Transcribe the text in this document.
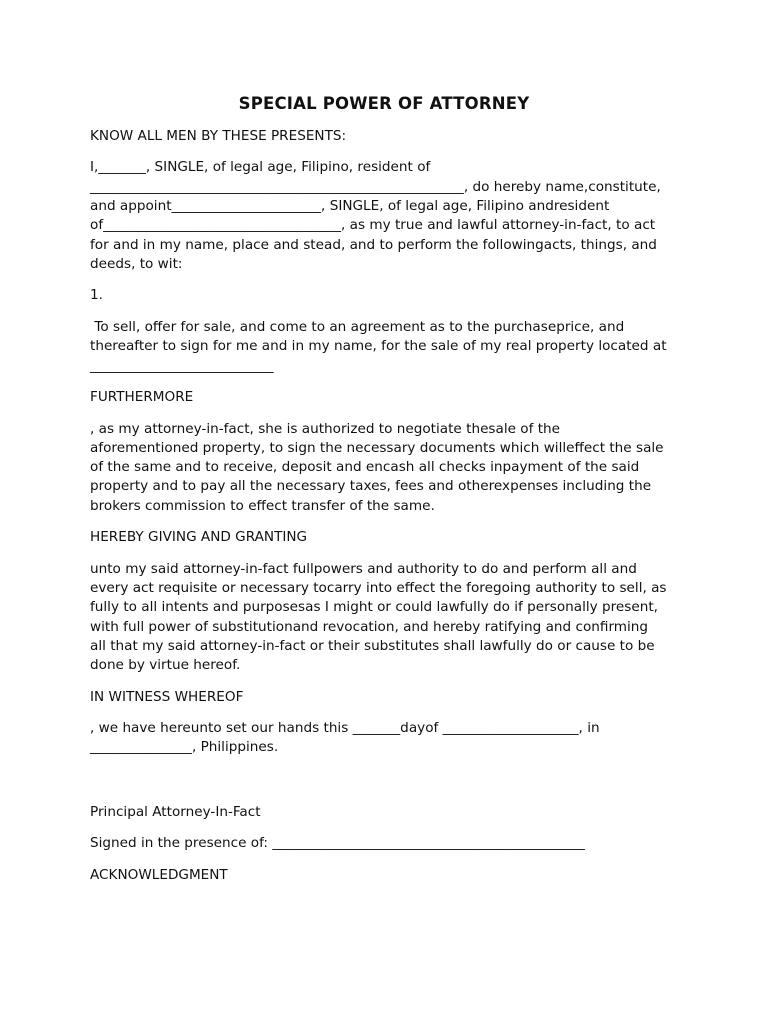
SPECIAL POWER OF ATTORNEY

KNOW ALL MEN BY THESE PRESENTS:

I,_______, SINGLE, of legal age, Filipino, resident of
_______________________________________________________, do hereby name,constitute,
and appoint______________________, SINGLE, of legal age, Filipino andresident
of___________________________________, as my true and lawful attorney-in-fact, to act
for and in my name, place and stead, and to perform the followingacts, things, and
deeds, to wit:

1.

To sell, offer for sale, and come to an agreement as to the purchaseprice, and
thereafter to sign for me and in my name, for the sale of my real property located at
___________________________

FURTHERMORE

, as my attorney-in-fact, she is authorized to negotiate thesale of the
aforementioned property, to sign the necessary documents which willeffect the sale
of the same and to receive, deposit and encash all checks inpayment of the said
property and to pay all the necessary taxes, fees and otherexpenses including the
brokers commission to effect transfer of the same.

HEREBY GIVING AND GRANTING

unto my said attorney-in-fact fullpowers and authority to do and perform all and
every act requisite or necessary tocarry into effect the foregoing authority to sell, as
fully to all intents and purposesas I might or could lawfully do if personally present,
with full power of substitutionand revocation, and hereby ratifying and confirming
all that my said attorney-in-fact or their substitutes shall lawfully do or cause to be
done by virtue hereof.

IN WITNESS WHEREOF

, we have hereunto set our hands this _______dayof ____________________, in
_______________, Philippines.

Principal Attorney-In-Fact

Signed in the presence of: ______________________________________________

ACKNOWLEDGMENT
